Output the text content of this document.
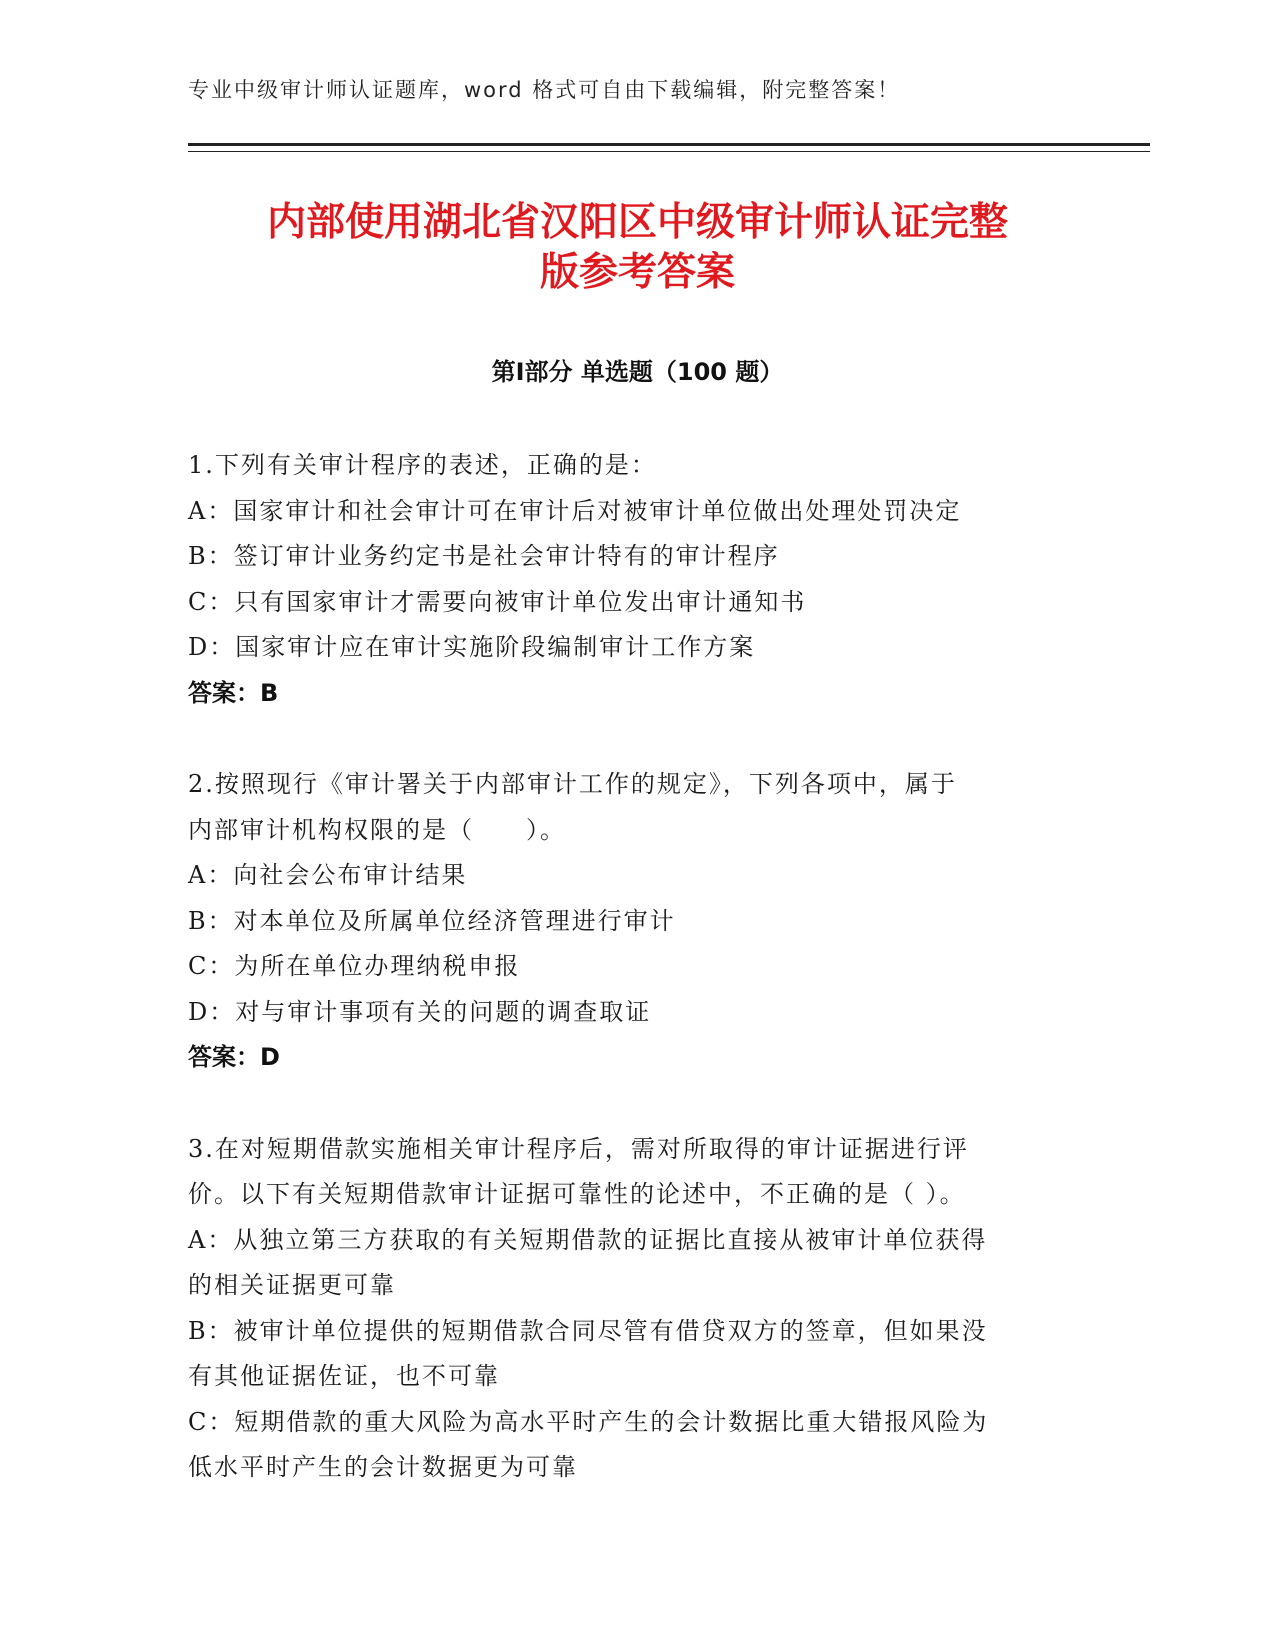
专业中级审计师认证题库，word 格式可自由下载编辑，附完整答案！
内部使用湖北省汉阳区中级审计师认证完整
版参考答案
第Ⅰ部分 单选题（100 题）
1.下列有关审计程序的表述，正确的是：
A：国家审计和社会审计可在审计后对被审计单位做出处理处罚决定
B：签订审计业务约定书是社会审计特有的审计程序
C：只有国家审计才需要向被审计单位发出审计通知书
D：国家审计应在审计实施阶段编制审计工作方案
答案：B
2.按照现行《审计署关于内部审计工作的规定》，下列各项中，属于
内部审计机构权限的是（　　）。
A：向社会公布审计结果
B：对本单位及所属单位经济管理进行审计
C：为所在单位办理纳税申报
D：对与审计事项有关的问题的调查取证
答案：D
3.在对短期借款实施相关审计程序后，需对所取得的审计证据进行评
价。以下有关短期借款审计证据可靠性的论述中，不正确的是（ ）。
A：从独立第三方获取的有关短期借款的证据比直接从被审计单位获得
的相关证据更可靠
B：被审计单位提供的短期借款合同尽管有借贷双方的签章，但如果没
有其他证据佐证，也不可靠
C：短期借款的重大风险为高水平时产生的会计数据比重大错报风险为
低水平时产生的会计数据更为可靠
